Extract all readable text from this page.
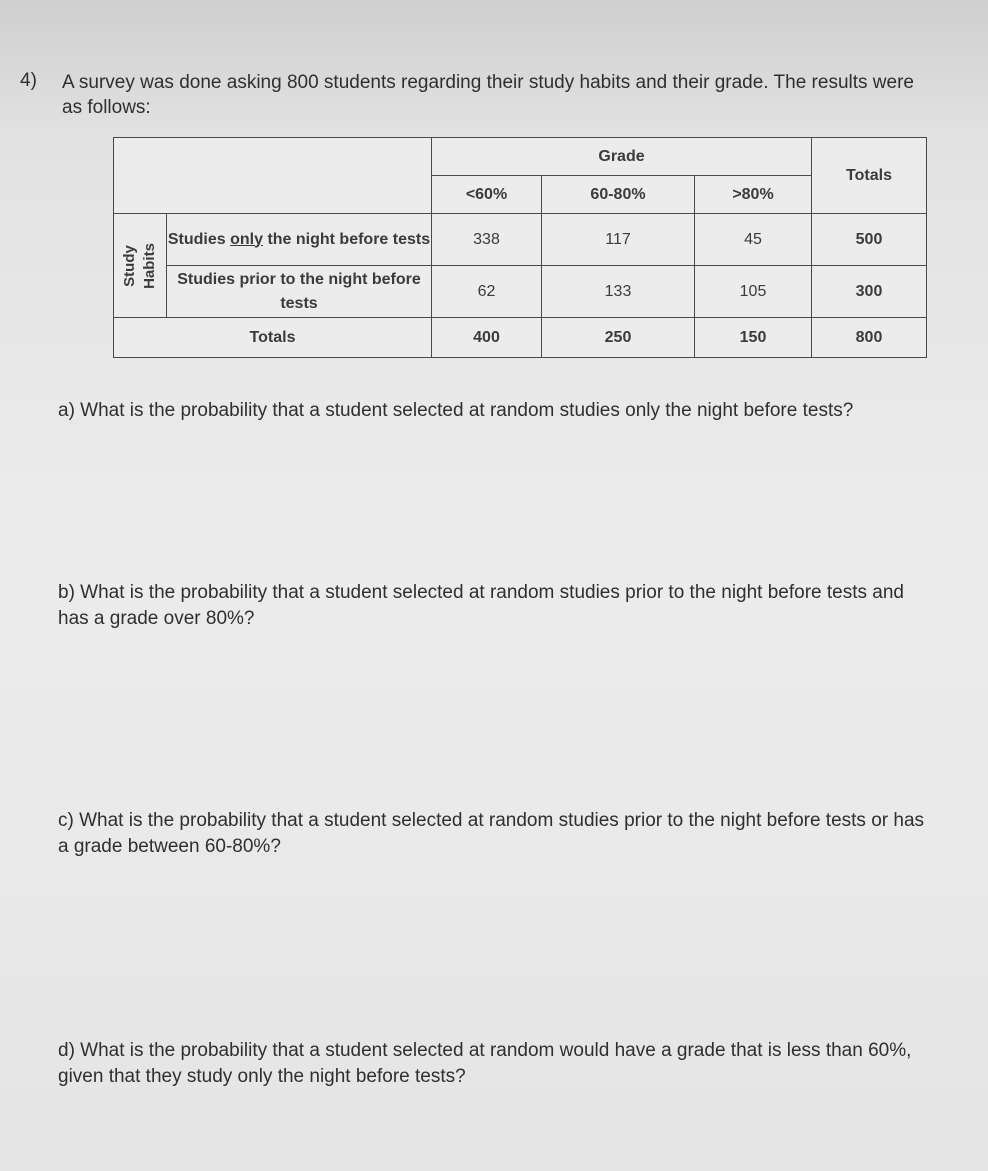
4) A survey was done asking 800 students regarding their study habits and their grade. The results were as follows:
		Grade			Totals
		<60%	60-80%	>80%	

Study Habits	Studies only the night before tests	338	117	45	500
	Studies prior to the night before tests	62	133	105	300
Totals		400	250	150	800
a) What is the probability that a student selected at random studies only the night before tests?
b) What is the probability that a student selected at random studies prior to the night before tests and has a grade over 80%?
c) What is the probability that a student selected at random studies prior to the night before tests or has a grade between 60-80%?
d) What is the probability that a student selected at random would have a grade that is less than 60%, given that they study only the night before tests?
